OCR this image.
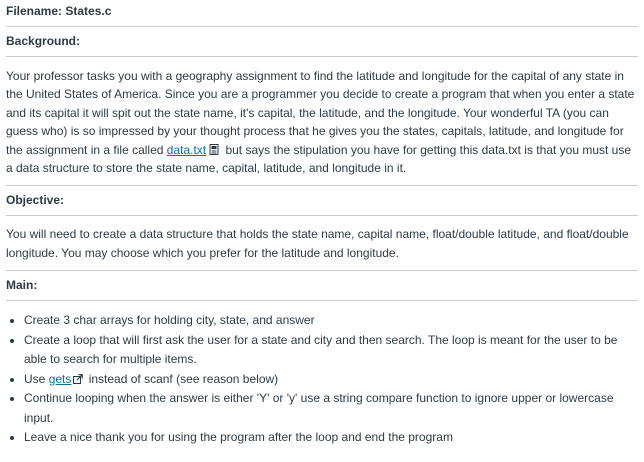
Filename: States.c
Background:

Your professor tasks you with a geography assignment to find the latitude and longitude for the capital of any state in the United States of America. Since you are a programmer you decide to create a program that when you enter a state and its capital it will spit out the state name, it's capital, the latitude, and the longitude. Your wonderful TA (you can guess who) is so impressed by your thought process that he gives you the states, capitals, latitude, and longitude for the assignment in a file called data.txt but says the stipulation you have for getting this data.txt is that you must use a data structure to store the state name, capital, latitude, and longitude in it.

Objective:

You will need to create a data structure that holds the state name, capital name, float/double latitude, and float/double longitude. You may choose which you prefer for the latitude and longitude.

Main:
Create 3 char arrays for holding city, state, and answer
Create a loop that will first ask the user for a state and city and then search. The loop is meant for the user to be able to search for multiple items.
Use gets instead of scanf (see reason below)
Continue looping when the answer is either 'Y' or 'y' use a string compare function to ignore upper or lowercase input.
Leave a nice thank you for using the program after the loop and end the program
